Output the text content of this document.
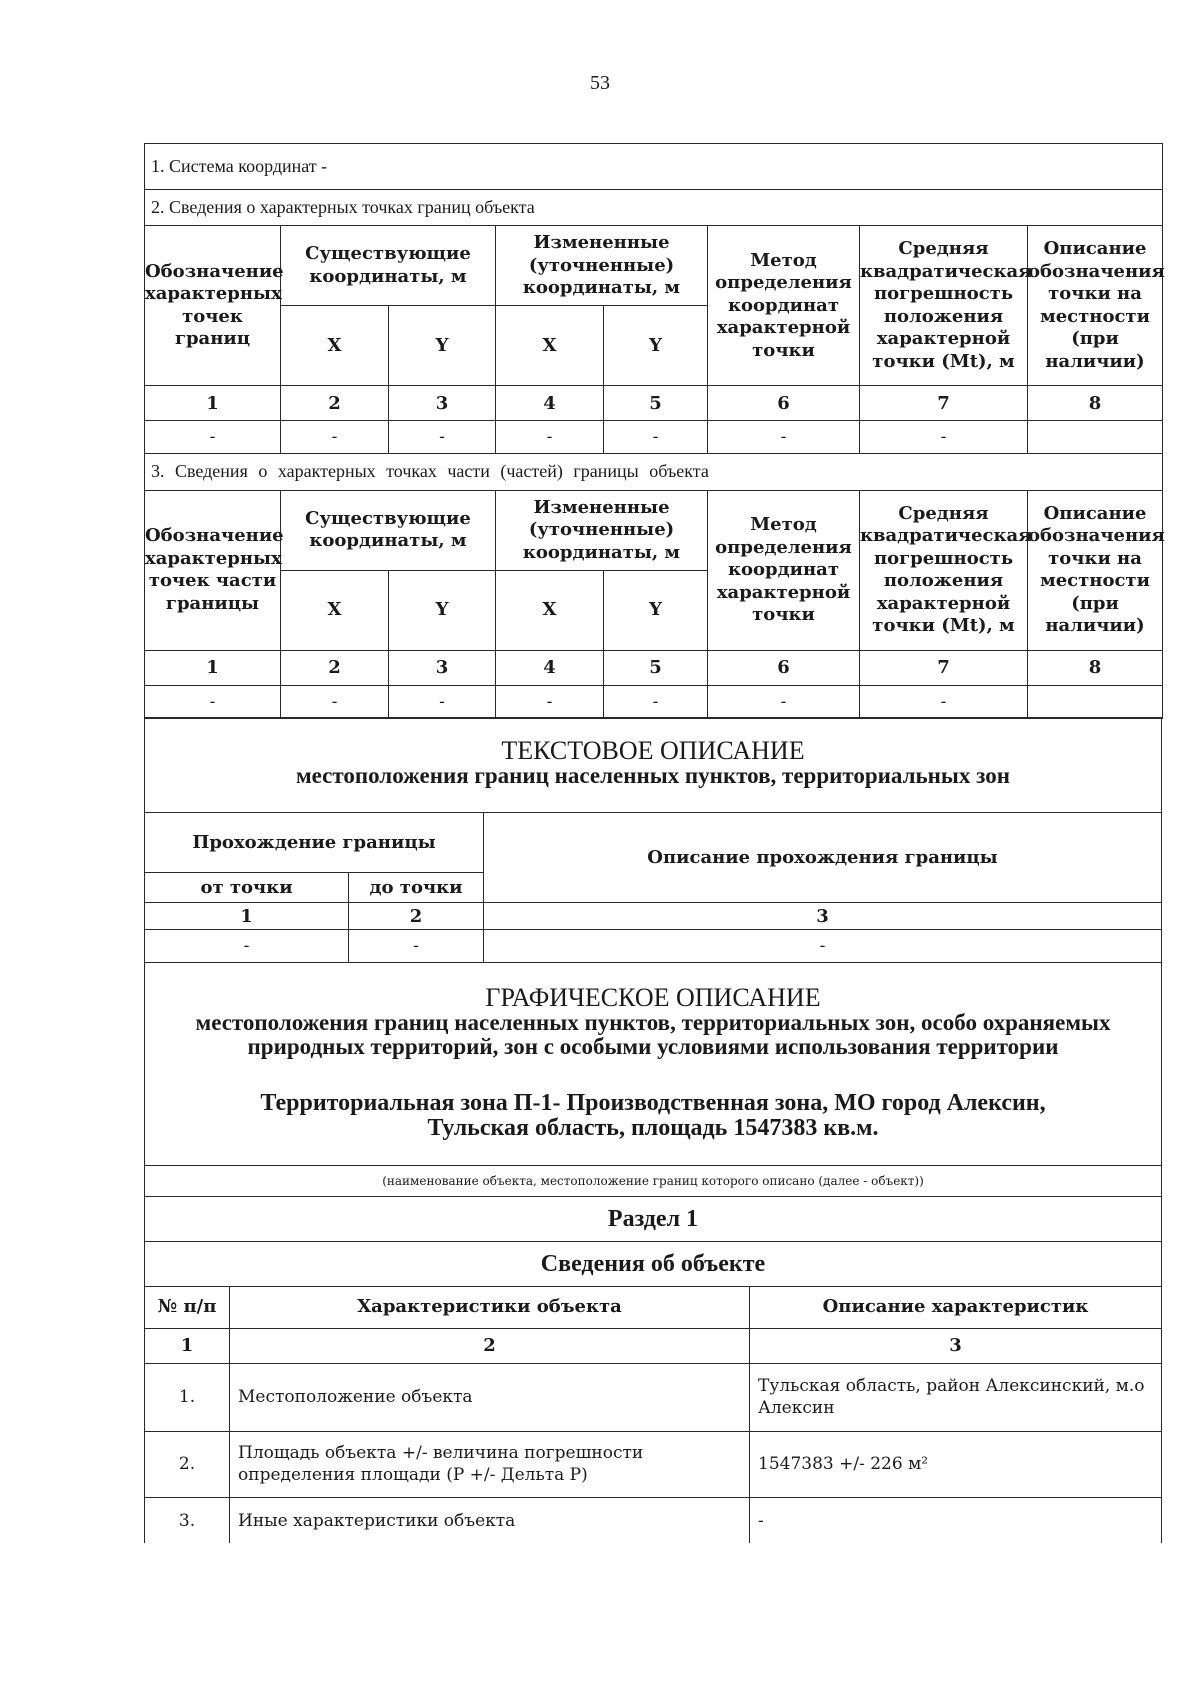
53
1. Система координат -							
2. Сведения о характерных точках границ объекта							
Обозначение характерных точек границ	Существующие координаты, м		Измененные (уточненные) координаты, м		Метод определения координат характерной точки	Средняя квадратическая погрешность положения характерной точки (Mt), м	Описание обозначения точки на местности (при наличии)
	X	Y	X	Y			
1	2	3	4	5	6	7	8
-	-	-	-	-	-	-	
3. Сведения о характерных точках части (частей) границы объекта							
Обозначение характерных точек части границы	Существующие координаты, м		Измененные (уточненные) координаты, м		Метод определения координат характерной точки	Средняя квадратическая погрешность положения характерной точки (Mt), м	Описание обозначения точки на местности (при наличии)
	X	Y	X	Y			
1	2	3	4	5	6	7	8
-	-	-	-	-	-	-	
ТЕКСТОВОЕ ОПИСАНИЕ
местоположения границ населенных пунктов, территориальных зон		

Прохождение границы		Описание прохождения границы
от точки	до точки	
1	2	3
-	-	-
ГРАФИЧЕСКОЕ ОПИСАНИЕ
местоположения границ населенных пунктов, территориальных зон, особо охраняемых природных территорий, зон с особыми условиями использования территории
Территориальная зона П-1- Производственная зона, МО город Алексин,
Тульская область, площадь 1547383 кв.м.

(наименование объекта, местоположение границ которого описано (далее - объект))
Раздел 1
Сведения об объекте
№ п/п	Характеристики объекта	Описание характеристик
1	2	3
1.	Местоположение объекта	Тульская область, район Алексинский, м.о Алексин
2.	Площадь объекта +/- величина погрешности определения площади (P +/- Дельта P)	1547383 +/- 226 м²
3.	Иные характеристики объекта	-
